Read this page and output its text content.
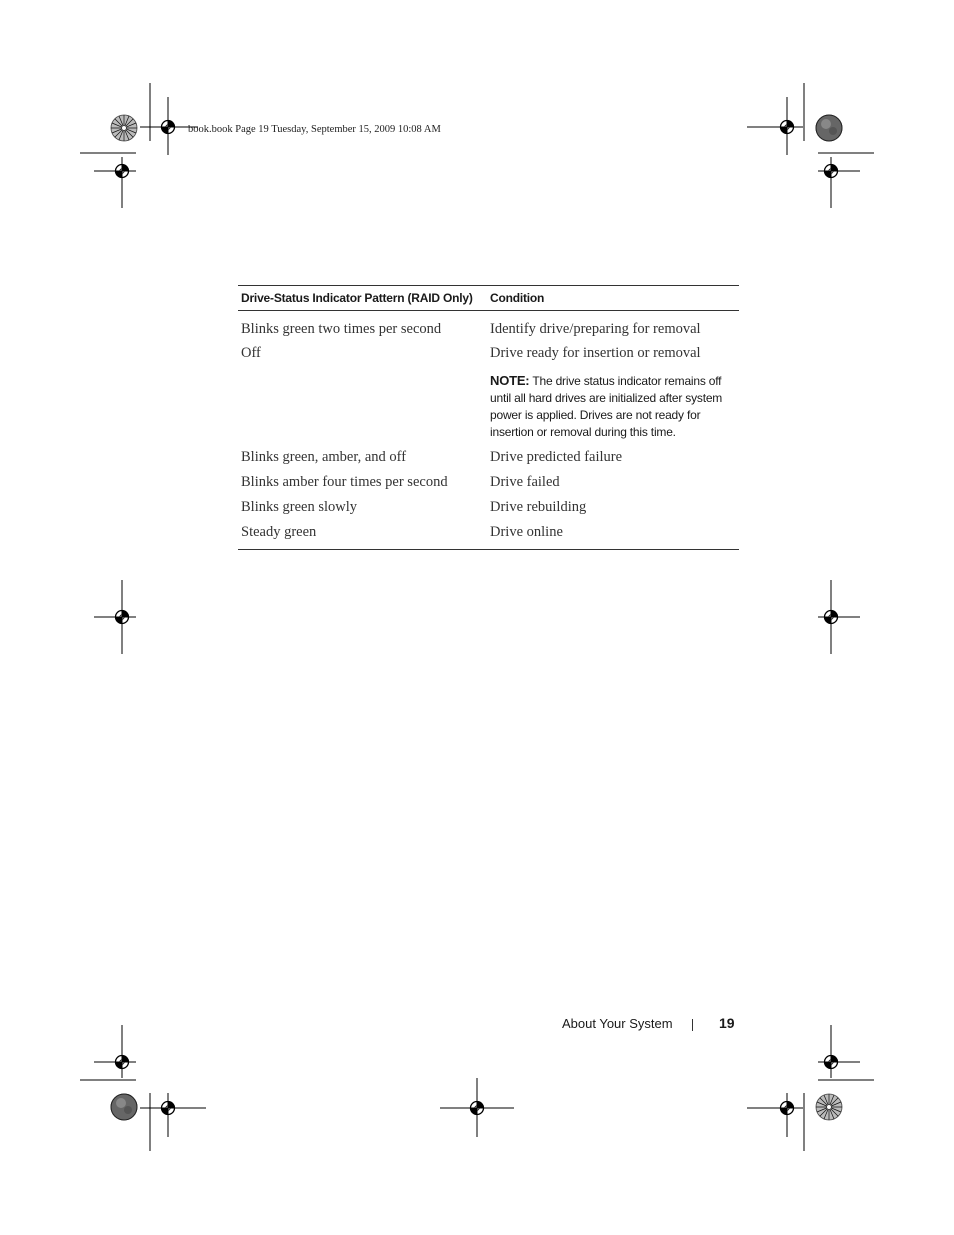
book.book Page 19 Tuesday, September 15, 2009 10:08 AM
Drive-Status Indicator Pattern (RAID Only)	Condition
Blinks green two times per second	Identify drive/preparing for removal
Off	Drive ready for insertion or removal

	NOTE: The drive status indicator remains off until all hard drives are initialized after system power is applied. Drives are not ready for insertion or removal during this time.

Blinks green, amber, and off	Drive predicted failure
Blinks amber four times per second	Drive failed
Blinks green slowly	Drive rebuilding
Steady green	Drive online
About Your System	19
